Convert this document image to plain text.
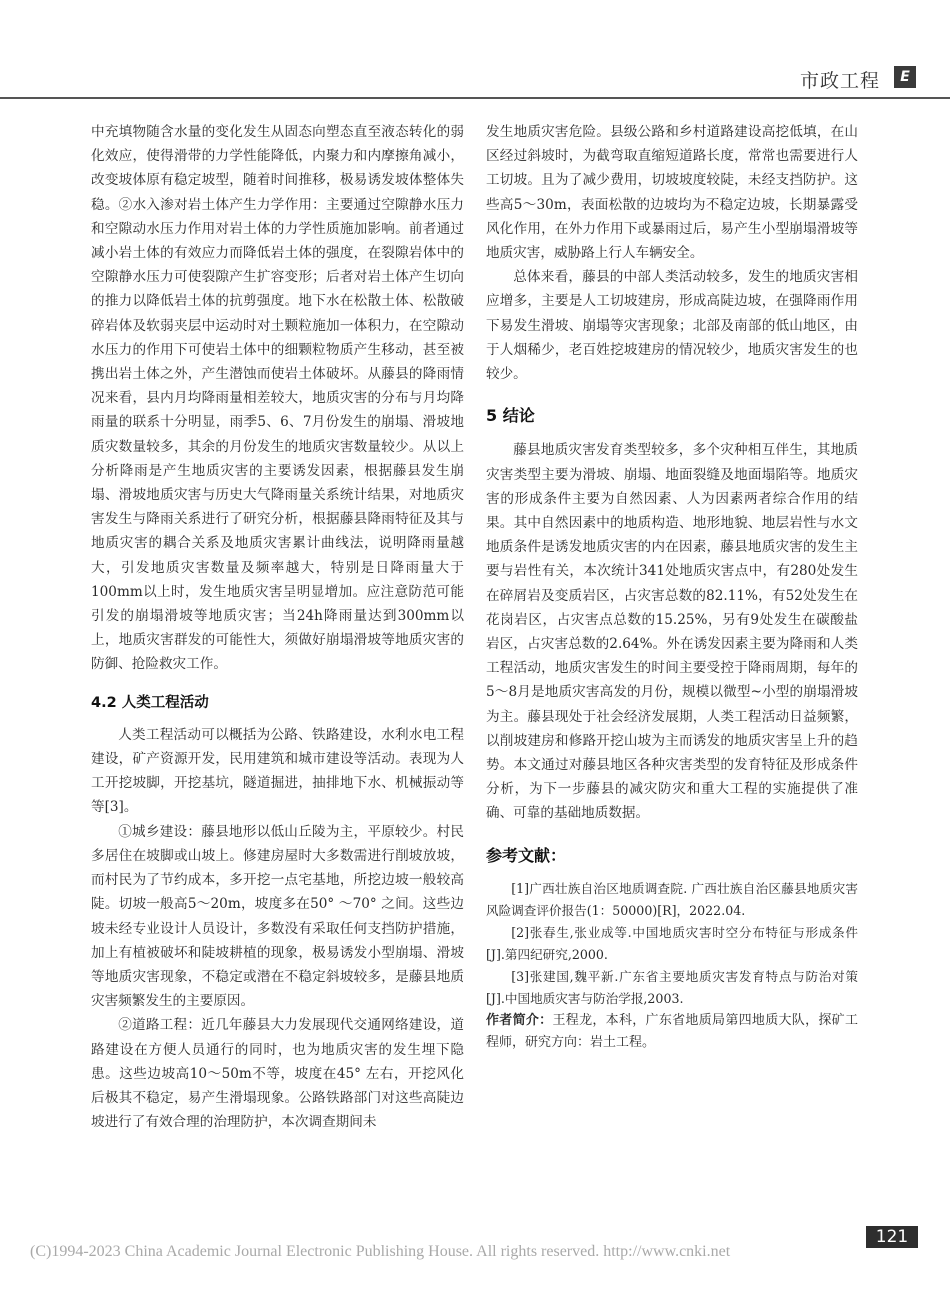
市政工程	E

中充填物随含水量的变化发生从固态向塑态直至液态转化的弱化效应，使得滑带的力学性能降低，内聚力和内摩擦角减小，改变坡体原有稳定坡型，随着时间推移，极易诱发坡体整体失稳。②水入渗对岩土体产生力学作用：主要通过空隙静水压力和空隙动水压力作用对岩土体的力学性质施加影响。前者通过减小岩土体的有效应力而降低岩土体的强度，在裂隙岩体中的空隙静水压力可使裂隙产生扩容变形；后者对岩土体产生切向的推力以降低岩土体的抗剪强度。地下水在松散土体、松散破碎岩体及软弱夹层中运动时对土颗粒施加一体积力，在空隙动水压力的作用下可使岩土体中的细颗粒物质产生移动，甚至被携出岩土体之外，产生潜蚀而使岩土体破坏。从藤县的降雨情况来看，县内月均降雨量相差较大，地质灾害的分布与月均降雨量的联系十分明显，雨季5、6、7月份发生的崩塌、滑坡地质灾数量较多，其余的月份发生的地质灾害数量较少。从以上分析降雨是产生地质灾害的主要诱发因素，根据藤县发生崩塌、滑坡地质灾害与历史大气降雨量关系统计结果，对地质灾害发生与降雨关系进行了研究分析，根据藤县降雨特征及其与地质灾害的耦合关系及地质灾害累计曲线法，说明降雨量越大，引发地质灾害数量及频率越大，特别是日降雨量大于100mm以上时，发生地质灾害呈明显增加。应注意防范可能引发的崩塌滑坡等地质灾害；当24h降雨量达到300mm以上，地质灾害群发的可能性大，须做好崩塌滑坡等地质灾害的防御、抢险救灾工作。

4.2 人类工程活动

人类工程活动可以概括为公路、铁路建设，水利水电工程建设，矿产资源开发，民用建筑和城市建设等活动。表现为人工开挖坡脚，开挖基坑，隧道掘进，抽排地下水、机械振动等等[3]。

①城乡建设：藤县地形以低山丘陵为主，平原较少。村民多居住在坡脚或山坡上。修建房屋时大多数需进行削坡放坡，而村民为了节约成本，多开挖一点宅基地，所挖边坡一般较高陡。切坡一般高5～20m，坡度多在50° ～70° 之间。这些边坡未经专业设计人员设计，多数没有采取任何支挡防护措施，加上有植被破坏和陡坡耕植的现象，极易诱发小型崩塌、滑坡等地质灾害现象，不稳定或潜在不稳定斜坡较多，是藤县地质灾害频繁发生的主要原因。

②道路工程：近几年藤县大力发展现代交通网络建设，道路建设在方便人员通行的同时，也为地质灾害的发生埋下隐患。这些边坡高10～50m不等，坡度在45° 左右，开挖风化后极其不稳定，易产生滑塌现象。公路铁路部门对这些高陡边坡进行了有效合理的治理防护，本次调查期间未

发生地质灾害危险。县级公路和乡村道路建设高挖低填，在山区经过斜坡时，为截弯取直缩短道路长度，常常也需要进行人工切坡。且为了减少费用，切坡坡度较陡，未经支挡防护。这些高5～30m，表面松散的边坡均为不稳定边坡，长期暴露受风化作用，在外力作用下或暴雨过后，易产生小型崩塌滑坡等地质灾害，威胁路上行人车辆安全。

总体来看，藤县的中部人类活动较多，发生的地质灾害相应增多，主要是人工切坡建房，形成高陡边坡，在强降雨作用下易发生滑坡、崩塌等灾害现象；北部及南部的低山地区，由于人烟稀少，老百姓挖坡建房的情况较少，地质灾害发生的也较少。

5 结论

藤县地质灾害发育类型较多，多个灾种相互伴生，其地质灾害类型主要为滑坡、崩塌、地面裂缝及地面塌陷等。地质灾害的形成条件主要为自然因素、人为因素两者综合作用的结果。其中自然因素中的地质构造、地形地貌、地层岩性与水文地质条件是诱发地质灾害的内在因素，藤县地质灾害的发生主要与岩性有关，本次统计341处地质灾害点中，有280处发生在碎屑岩及变质岩区，占灾害总数的82.11%，有52处发生在花岗岩区，占灾害点总数的15.25%，另有9处发生在碳酸盐岩区，占灾害总数的2.64%。外在诱发因素主要为降雨和人类工程活动，地质灾害发生的时间主要受控于降雨周期，每年的5～8月是地质灾害高发的月份，规模以微型~小型的崩塌滑坡为主。藤县现处于社会经济发展期，人类工程活动日益频繁，以削坡建房和修路开挖山坡为主而诱发的地质灾害呈上升的趋势。本文通过对藤县地区各种灾害类型的发育特征及形成条件分析，为下一步藤县的减灾防灾和重大工程的实施提供了准确、可靠的基础地质数据。

参考文献：

[1]广西壮族自治区地质调查院. 广西壮族自治区藤县地质灾害风险调查评价报告(1：50000)[R]，2022.04.

[2]张春生,张业成等.中国地质灾害时空分布特征与形成条件[J].第四纪研究,2000.

[3]张建国,魏平新.广东省主要地质灾害发育特点与防治对策[J].中国地质灾害与防治学报,2003.

作者简介：王程龙，本科，广东省地质局第四地质大队，探矿工程师，研究方向：岩土工程。

121
(C)1994-2023 China Academic Journal Electronic Publishing House. All rights reserved. http://www.cnki.net
